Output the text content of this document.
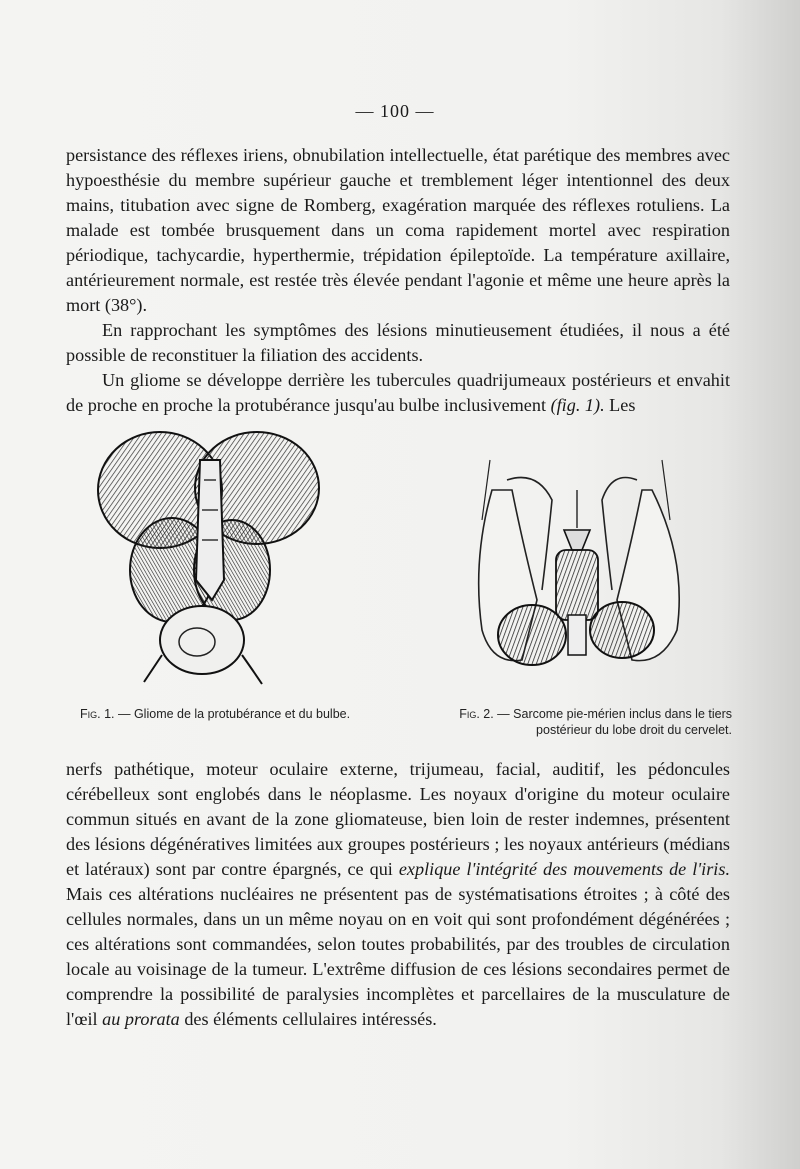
— 100 —

persistance des réflexes iriens, obnubilation intellectuelle, état parétique des membres avec hypoesthésie du membre supérieur gauche et tremblement léger intentionnel des deux mains, titubation avec signe de Romberg, exagération marquée des réflexes rotuliens. La malade est tombée brusquement dans un coma rapidement mortel avec respiration périodique, tachycardie, hyperthermie, trépidation épileptoïde. La température axillaire, antérieurement normale, est restée très élevée pendant l'agonie et même une heure après la mort (38°).

En rapprochant les symptômes des lésions minutieusement étudiées, il nous a été possible de reconstituer la filiation des accidents.

Un gliome se développe derrière les tubercules quadrijumeaux postérieurs et envahit de proche en proche la protubérance jusqu'au bulbe inclusivement (fig. 1). Les

Fig. 1. — Gliome de la protubérance et du bulbe.	Fig. 2. — Sarcome pie-mérien inclus dans le tiers postérieur du lobe droit du cervelet.

nerfs pathétique, moteur oculaire externe, trijumeau, facial, auditif, les pédoncules cérébelleux sont englobés dans le néoplasme. Les noyaux d'origine du moteur oculaire commun situés en avant de la zone gliomateuse, bien loin de rester indemnes, présentent des lésions dégénératives limitées aux groupes postérieurs ; les noyaux antérieurs (médians et latéraux) sont par contre épargnés, ce qui explique l'intégrité des mouvements de l'iris. Mais ces altérations nucléaires ne présentent pas de systématisations étroites ; à côté des cellules normales, dans un un même noyau on en voit qui sont profondément dégénérées ; ces altérations sont commandées, selon toutes probabilités, par des troubles de circulation locale au voisinage de la tumeur. L'extrême diffusion de ces lésions secondaires permet de comprendre la possibilité de paralysies incomplètes et parcellaires de la musculature de l'œil au prorata des éléments cellulaires intéressés.
